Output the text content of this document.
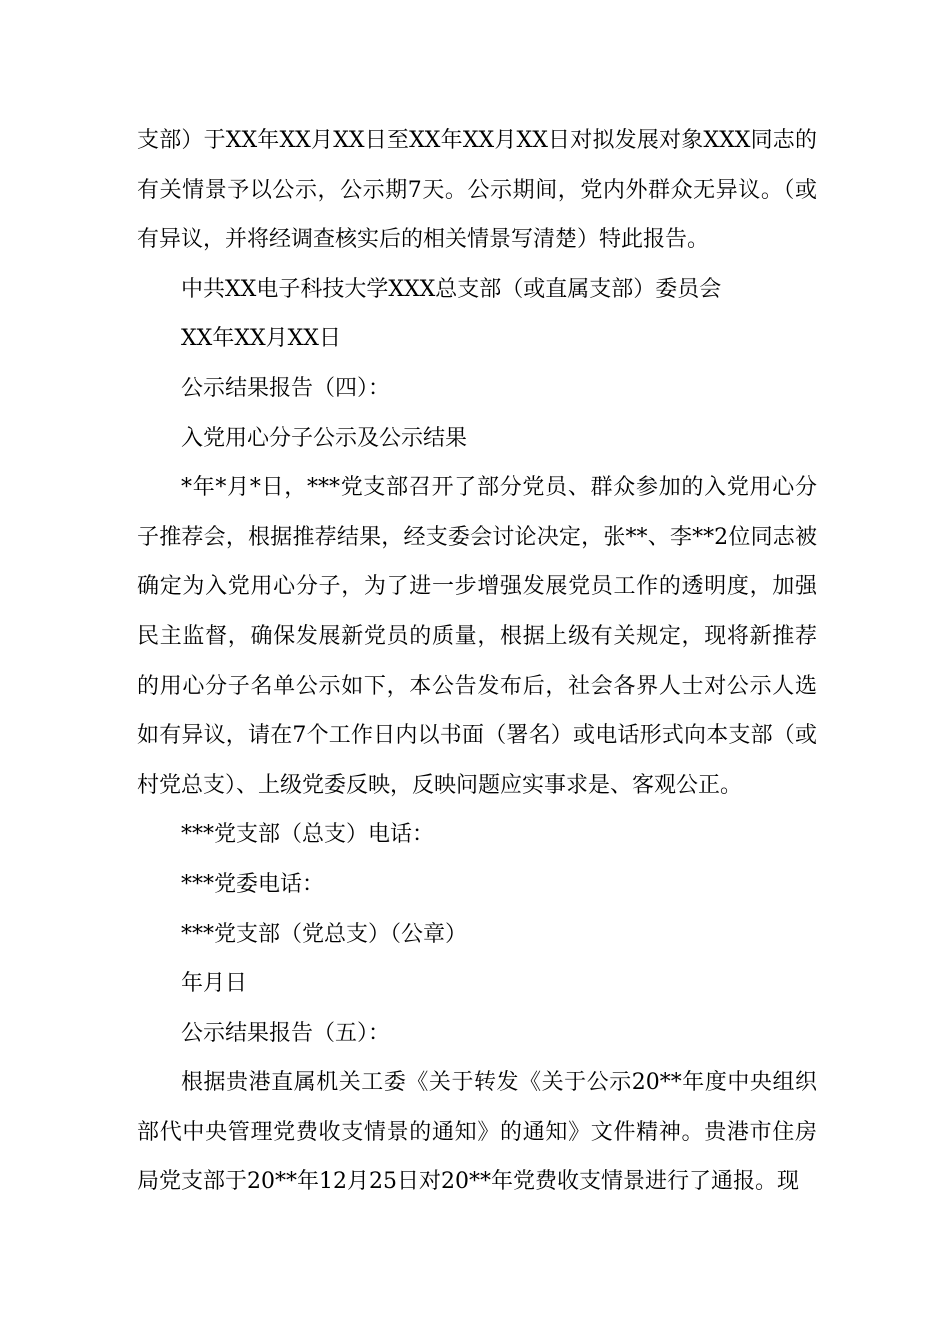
支部）于XX年XX月XX日至XX年XX月XX日对拟发展对象XXX同志的有关情景予以公示，公示期7天。公示期间，党内外群众无异议。（或有异议，并将经调查核实后的相关情景写清楚）特此报告。

中共XX电子科技大学XXX总支部（或直属支部）委员会

XX年XX月XX日

公示结果报告（四）：

入党用心分子公示及公示结果

*年*月*日，***党支部召开了部分党员、群众参加的入党用心分子推荐会，根据推荐结果，经支委会讨论决定，张**、李**2位同志被确定为入党用心分子，为了进一步增强发展党员工作的透明度，加强民主监督，确保发展新党员的质量，根据上级有关规定，现将新推荐的用心分子名单公示如下，本公告发布后，社会各界人士对公示人选如有异议，请在7个工作日内以书面（署名）或电话形式向本支部（或村党总支）、上级党委反映，反映问题应实事求是、客观公正。

***党支部（总支）电话：

***党委电话：

***党支部（党总支）（公章）

年月日

公示结果报告（五）：

根据贵港直属机关工委《关于转发《关于公示20**年度中央组织部代中央管理党费收支情景的通知》的通知》文件精神。贵港市住房局党支部于20**年12月25日对20**年党费收支情景进行了通报。现
